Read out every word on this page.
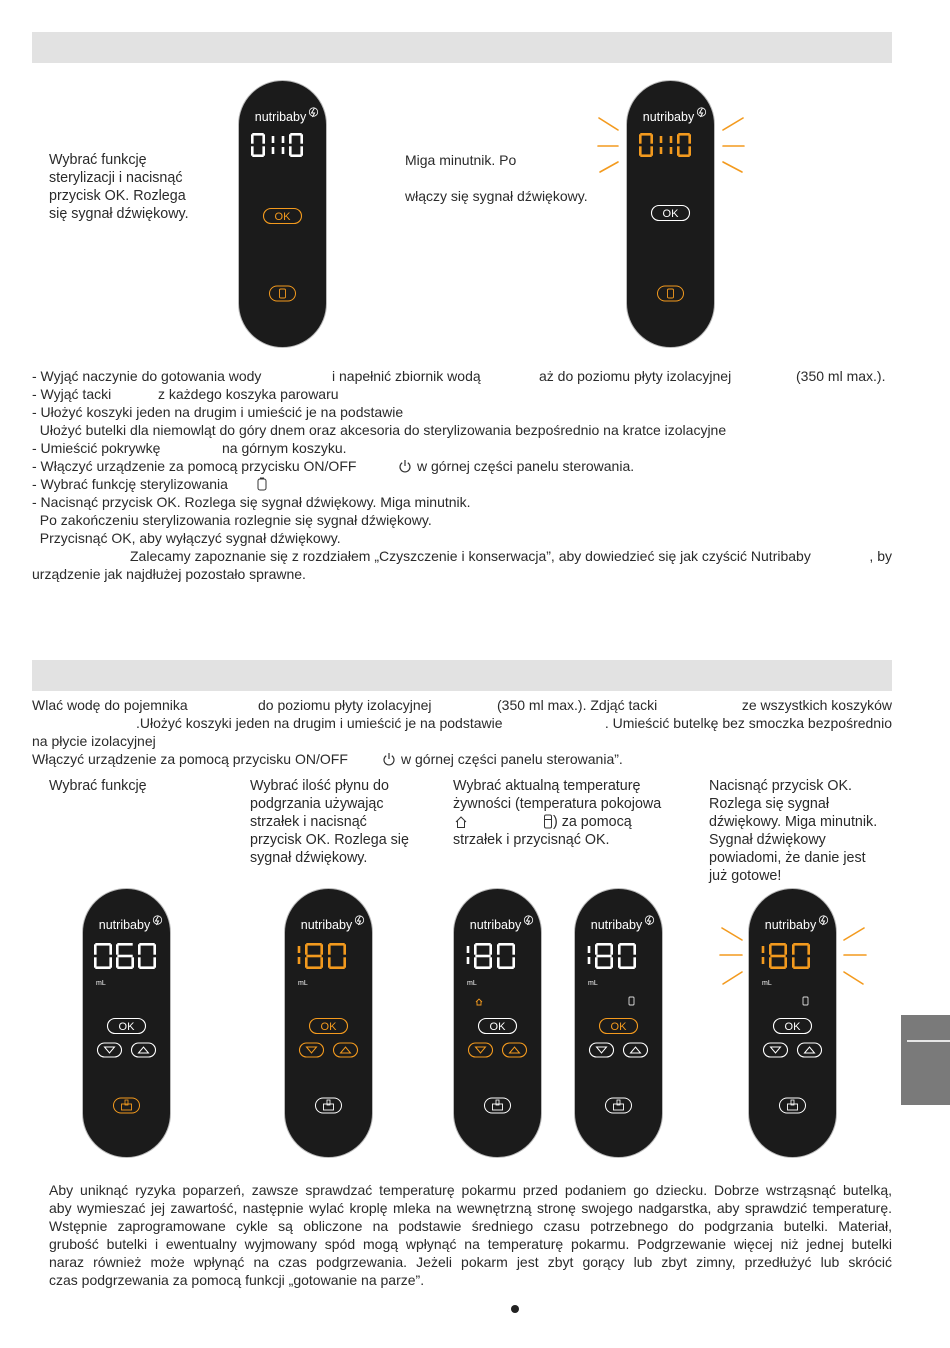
Wybrać funkcję
sterylizacji i nacisnąć
przycisk OK. Rozlega
się sygnał dźwiękowy.
Miga minutnik. Po
włączy się sygnał dźwiękowy.
- Wyjąć naczynie do gotowania wody	i napełnić zbiornik wodą	aż do poziomu płyty izolacyjnej	(350 ml max.).
- Wyjąć tacki	z każdego koszyka parowaru
- Ułożyć koszyki jeden na drugim i umieścić je na podstawie
Ułożyć butelki dla niemowląt do góry dnem oraz akcesoria do sterylizowania bezpośrednio na kratce izolacyjne
- Umieścić pokrywkę	na górnym koszyku.
- Włączyć urządzenie za pomocą przycisku ON/OFF	w górnej części panelu sterowania.
- Wybrać funkcję sterylizowania
- Nacisnąć przycisk OK. Rozlega się sygnał dźwiękowy. Miga minutnik.
Po zakończeniu sterylizowania rozlegnie się sygnał dźwiękowy.
Przycisnąć OK, aby wyłączyć sygnał dźwiękowy.
Zalecamy zapoznanie się z rozdziałem „Czyszczenie i konserwacja”, aby dowiedzieć się jak czyścić Nutribaby	, by
urządzenie jak najdłużej pozostało sprawne.
Wlać wodę do pojemnika	do poziomu płyty izolacyjnej	(350 ml max.). Zdjąć tacki	ze wszystkich koszyków
.Ułożyć koszyki jeden na drugim i umieścić je na podstawie	. Umieścić butelkę bez smoczka bezpośrednio
na płycie izolacyjnej
Włączyć urządzenie za pomocą przycisku ON/OFF	w górnej części panelu sterowania”.
Wybrać funkcję	Wybrać ilość płynu do
podgrzania używając
strzałek i nacisnąć
przycisk OK. Rozlega się
sygnał dźwiękowy.
Wybrać aktualną temperaturę
żywności (temperatura pokojowa
) za pomocą
strzałek i przycisnąć OK.
Nacisnąć przycisk OK.
Rozlega się sygnał
dźwiękowy. Miga minutnik.
Sygnał dźwiękowy
powiadomi, że danie jest
już gotowe!
nutribaby
OK
nutribaby
OK
nutribaby
mL
OK
nutribaby
mL
OK
nutribaby
mL
OK
nutribaby
mL
OK
nutribaby
mL
OK
Aby uniknąć ryzyka poparzeń, zawsze sprawdzać temperaturę pokarmu przed podaniem go dziecku. Dobrze wstrząsnąć butelką,
aby wymieszać jej zawartość, następnie wylać kroplę mleka na wewnętrzną stronę swojego nadgarstka, aby sprawdzić temperaturę.
Wstępnie zaprogramowane cykle są obliczone na podstawie średniego czasu potrzebnego do podgrzania butelki. Materiał,
grubość butelki i ewentualny wyjmowany spód mogą wpłynąć na temperaturę pokarmu. Podgrzewanie więcej niż jednej butelki
naraz również może wpłynąć na czas podgrzewania. Jeżeli pokarm jest zbyt gorący lub zbyt zimny, przedłużyć lub skrócić
czas podgrzewania za pomocą funkcji „gotowanie na parze”.
